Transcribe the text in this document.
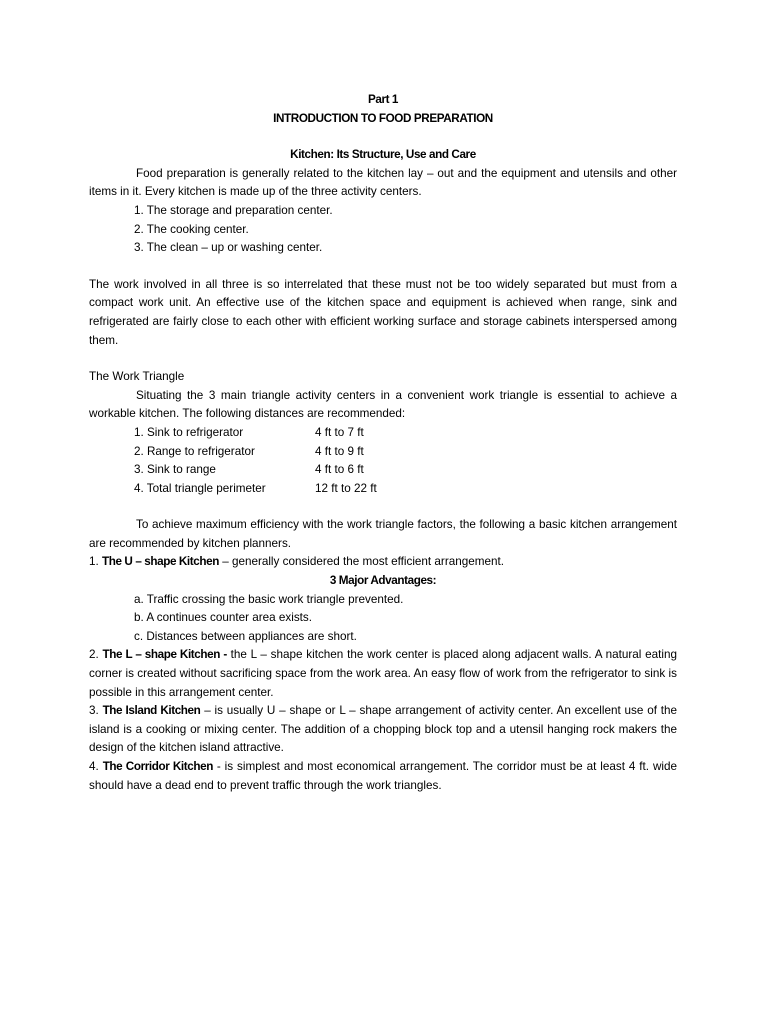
Part 1

INTRODUCTION TO FOOD PREPARATION

Kitchen: Its Structure, Use and Care

Food preparation is generally related to the kitchen lay – out and the equipment and utensils and other items in it. Every kitchen is made up of the three activity centers.

1. The storage and preparation center.

2. The cooking center.

3. The clean – up or washing center.

The work involved in all three is so interrelated that these must not be too widely separated but must from a compact work unit. An effective use of the kitchen space and equipment is achieved when range, sink and refrigerated are fairly close to each other with efficient working surface and storage cabinets interspersed among them.

The Work Triangle

Situating the 3 main triangle activity centers in a convenient work triangle is essential to achieve a workable kitchen. The following distances are recommended:

1. Sink to refrigerator	4 ft to 7 ft
2. Range to refrigerator	4 ft to 9 ft
3. Sink to range	4 ft to 6 ft
4. Total triangle perimeter	12 ft to 22 ft

To achieve maximum efficiency with the work triangle factors, the following a basic kitchen arrangement are recommended by kitchen planners.

1. The U – shape Kitchen – generally considered the most efficient arrangement.

3 Major Advantages:

a. Traffic crossing the basic work triangle prevented.

b. A continues counter area exists.

c. Distances between appliances are short.

2. The L – shape Kitchen - the L – shape kitchen the work center is placed along adjacent walls. A natural eating corner is created without sacrificing space from the work area. An easy flow of work from the refrigerator to sink is possible in this arrangement center.

3. The Island Kitchen – is usually U – shape or L – shape arrangement of activity center. An excellent use of the island is a cooking or mixing center. The addition of a chopping block top and a utensil hanging rock makers the design of the kitchen island attractive.

4. The Corridor Kitchen - is simplest and most economical arrangement. The corridor must be at least 4 ft. wide should have a dead end to prevent traffic through the work triangles.
